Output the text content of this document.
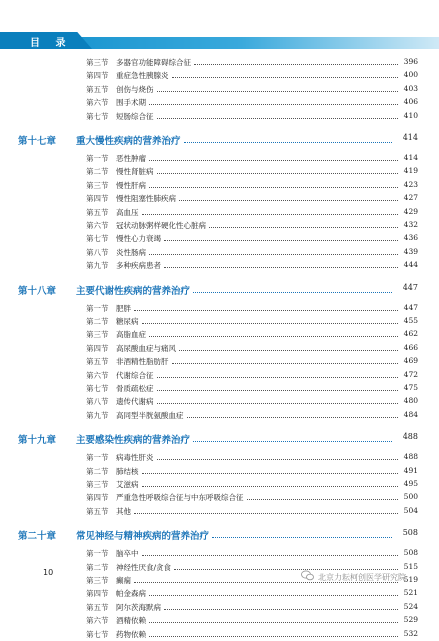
目 录
第三节 多器官功能障碍综合征	396
第四节 重症急性胰腺炎	400
第五节 创伤与烧伤	403
第六节 围手术期	406
第七节 短肠综合征	410
第十七章 重大慢性疾病的营养治疗	414
第一节 恶性肿瘤	414
第二节 慢性肾脏病	419
第三节 慢性肝病	423
第四节 慢性阻塞性肺疾病	427
第五节 高血压	429
第六节 冠状动脉粥样硬化性心脏病	432
第七节 慢性心力衰竭	436
第八节 炎性肠病	439
第九节 多种疾病患者	444
第十八章 主要代谢性疾病的营养治疗	447
第一节 肥胖	447
第二节 糖尿病	455
第三节 高脂血症	462
第四节 高尿酸血症与痛风	466
第五节 非酒精性脂肪肝	469
第六节 代谢综合征	472
第七节 骨质疏松症	475
第八节 遗传代谢病	480
第九节 高同型半胱氨酸血症	484
第十九章 主要感染性疾病的营养治疗	488
第一节 病毒性肝炎	488
第二节 肺结核	491
第三节 艾滋病	495
第四节 严重急性呼吸综合征与中东呼吸综合征	500
第五节 其他	504
第二十章 常见神经与精神疾病的营养治疗	508
第一节 脑卒中	508
第二节 神经性厌食/贪食	515
第三节 癫痫	519
第四节 帕金森病	521
第五节 阿尔茨海默病	524
第六节 酒精依赖	529
第七节 药物依赖	532
10
北京力耘柯创医学研究院
